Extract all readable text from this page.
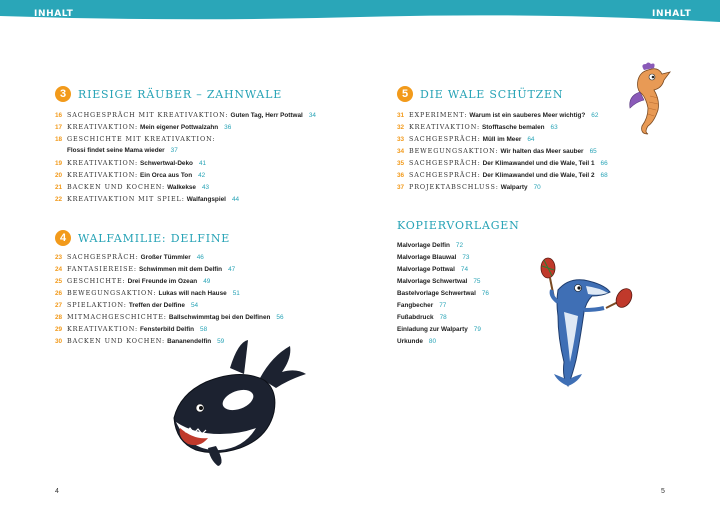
INHALT	INHALT
3	RIESIGE RÄUBER – ZAHNWALE
16 SACHGESPRÄCH MIT KREATIVAKTION: Guten Tag, Herr Pottwal 34
17 KREATIVAKTION: Mein eigener Pottwalzahn 36
18 GESCHICHTE MIT KREATIVAKTION:
Flossi findet seine Mama wieder 37
19 KREATIVAKTION: Schwertwal-Deko 41
20 KREATIVAKTION: Ein Orca aus Ton 42
21 BACKEN UND KOCHEN: Walkekse 43
22 KREATIVAKTION MIT SPIEL: Walfangspiel 44
4	WALFAMILIE: DELFINE
23 SACHGESPRÄCH: Großer Tümmler 46
24 FANTASIEREISE: Schwimmen mit dem Delfin 47
25 GESCHICHTE: Drei Freunde im Ozean 49
26 BEWEGUNGSAKTION: Lukas will nach Hause 51
27 SPIELAKTION: Treffen der Delfine 54
28 MITMACHGESCHICHTE: Ballschwimmtag bei den Delfinen 56
29 KREATIVAKTION: Fensterbild Delfin 58
30 BACKEN UND KOCHEN: Bananendelfin 59
5	DIE WALE SCHÜTZEN
31 EXPERIMENT: Warum ist ein sauberes Meer wichtig? 62
32 KREATIVAKTION: Stofftasche bemalen 63
33 SACHGESPRÄCH: Müll im Meer 64
34 BEWEGUNGSAKTION: Wir halten das Meer sauber 65
35 SACHGESPRÄCH: Der Klimawandel und die Wale, Teil 1 66
36 SACHGESPRÄCH: Der Klimawandel und die Wale, Teil 2 68
37 PROJEKTABSCHLUSS: Walparty 70
KOPIERVORLAGEN
Malvorlage Delfin 72
Malvorlage Blauwal 73
Malvorlage Pottwal 74
Malvorlage Schwertwal 75
Bastelvorlage Schwertwal 76
Fangbecher 77
Fußabdruck 78
Einladung zur Walparty 79
Urkunde 80
4	5
